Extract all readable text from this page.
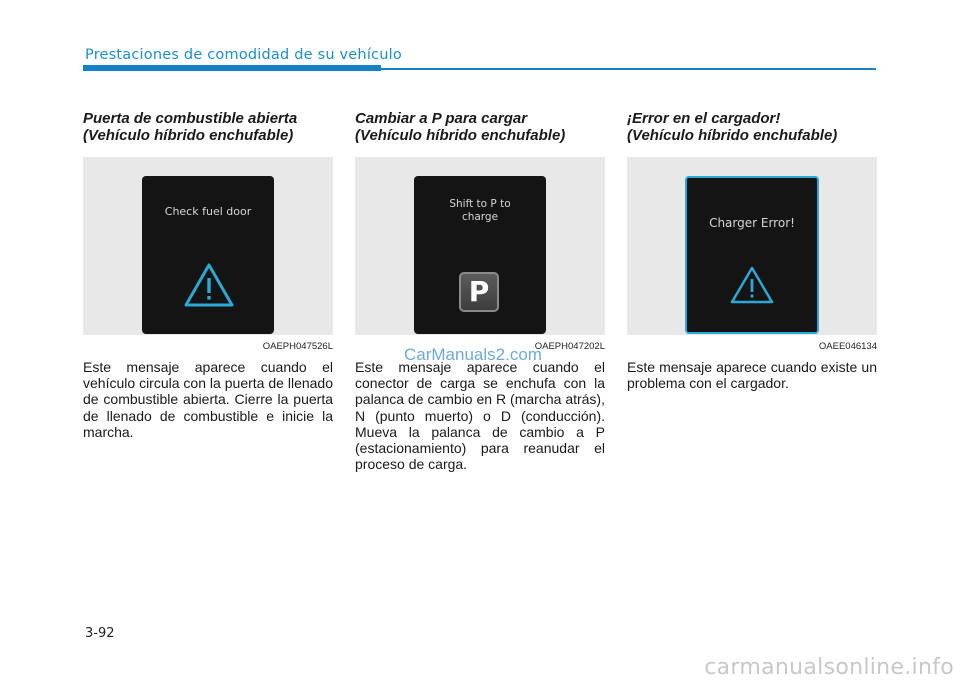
Prestaciones de comodidad de su vehículo
Puerta de combustible abierta
(Vehículo híbrido enchufable)
Check fuel door
OAEPH047526L

Este mensaje aparece cuando el vehículo circula con la puerta de llenado de combustible abierta. Cierre la puerta de llenado de combustible e inicie la marcha.

Cambiar a P para cargar
(Vehículo híbrido enchufable)
Shift to P to
charge
P
OAEPH047202L

Este mensaje aparece cuando el conector de carga se enchufa con la palanca de cambio en R (marcha atrás), N (punto muerto) o D (conducción). Mueva la palanca de cambio a P (estacionamiento) para reanudar el proceso de carga.

¡Error en el cargador!
(Vehículo híbrido enchufable)
Charger Error!
OAEE046134

Este mensaje aparece cuando existe un problema con el cargador.

CarManuals2.com
3-92
carmanualsonline.info
